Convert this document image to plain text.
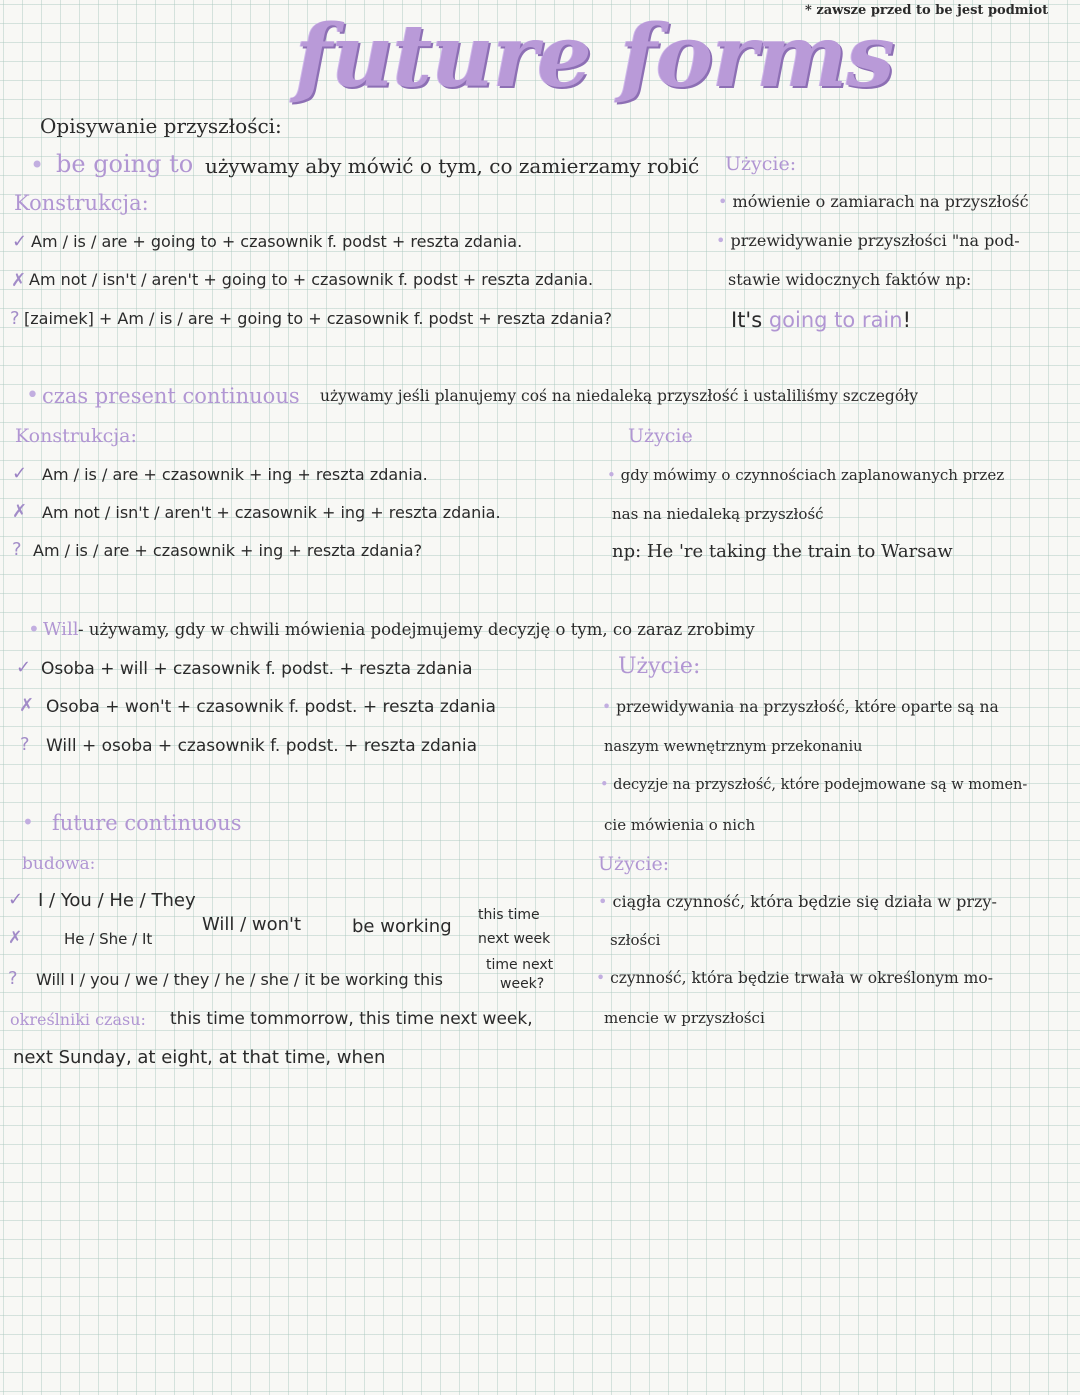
* zawsze przed to be jest podmiot
future forms
Opisywanie przyszłości:
• be going to używamy aby mówić o tym, co zamierzamy robić
Konstrukcja:
✓ Am / is / are + going to + czasownik f. podst + reszta zdania.
✗ Am not / isn't / aren't + going to + czasownik f. podst + reszta zdania.
? [zaimek] + Am / is / are + going to + czasownik f. podst + reszta zdania?
Użycie:
• mówienie o zamiarach na przyszłość
• przewidywanie przyszłości "na pod-
stawie widocznych faktów np:
It's going to rain!
• czas present continuous używamy jeśli planujemy coś na niedaleką przyszłość i ustaliliśmy szczegóły
Konstrukcja:
✓ Am / is / are + czasownik + ing + reszta zdania.
✗ Am not / isn't / aren't + czasownik + ing + reszta zdania.
? Am / is / are + czasownik + ing + reszta zdania?
Użycie
• gdy mówimy o czynnościach zaplanowanych przez
nas na niedaleką przyszłość
np: He 're taking the train to Warsaw
• Will - używamy, gdy w chwili mówienia podejmujemy decyzję o tym, co zaraz zrobimy
✓ Osoba + will + czasownik f. podst. + reszta zdania
✗ Osoba + won't + czasownik f. podst. + reszta zdania
? Will + osoba + czasownik f. podst. + reszta zdania
Użycie:
• przewidywania na przyszłość, które oparte są na
naszym wewnętrznym przekonaniu
• decyzje na przyszłość, które podejmowane są w momen-
cie mówienia o nich
• future continuous
budowa:
✓ I / You / He / They
✗	He / She / It
Will / won't	be working
this time
next week
? Will I / you / we / they / he / she / it be working this
time next
week?
określniki czasu: this time tommorrow, this time next week,
next Sunday, at eight, at that time, when
Użycie:
• ciągła czynność, która będzie się działa w przy-
szłości
• czynność, która będzie trwała w określonym mo-
mencie w przyszłości
